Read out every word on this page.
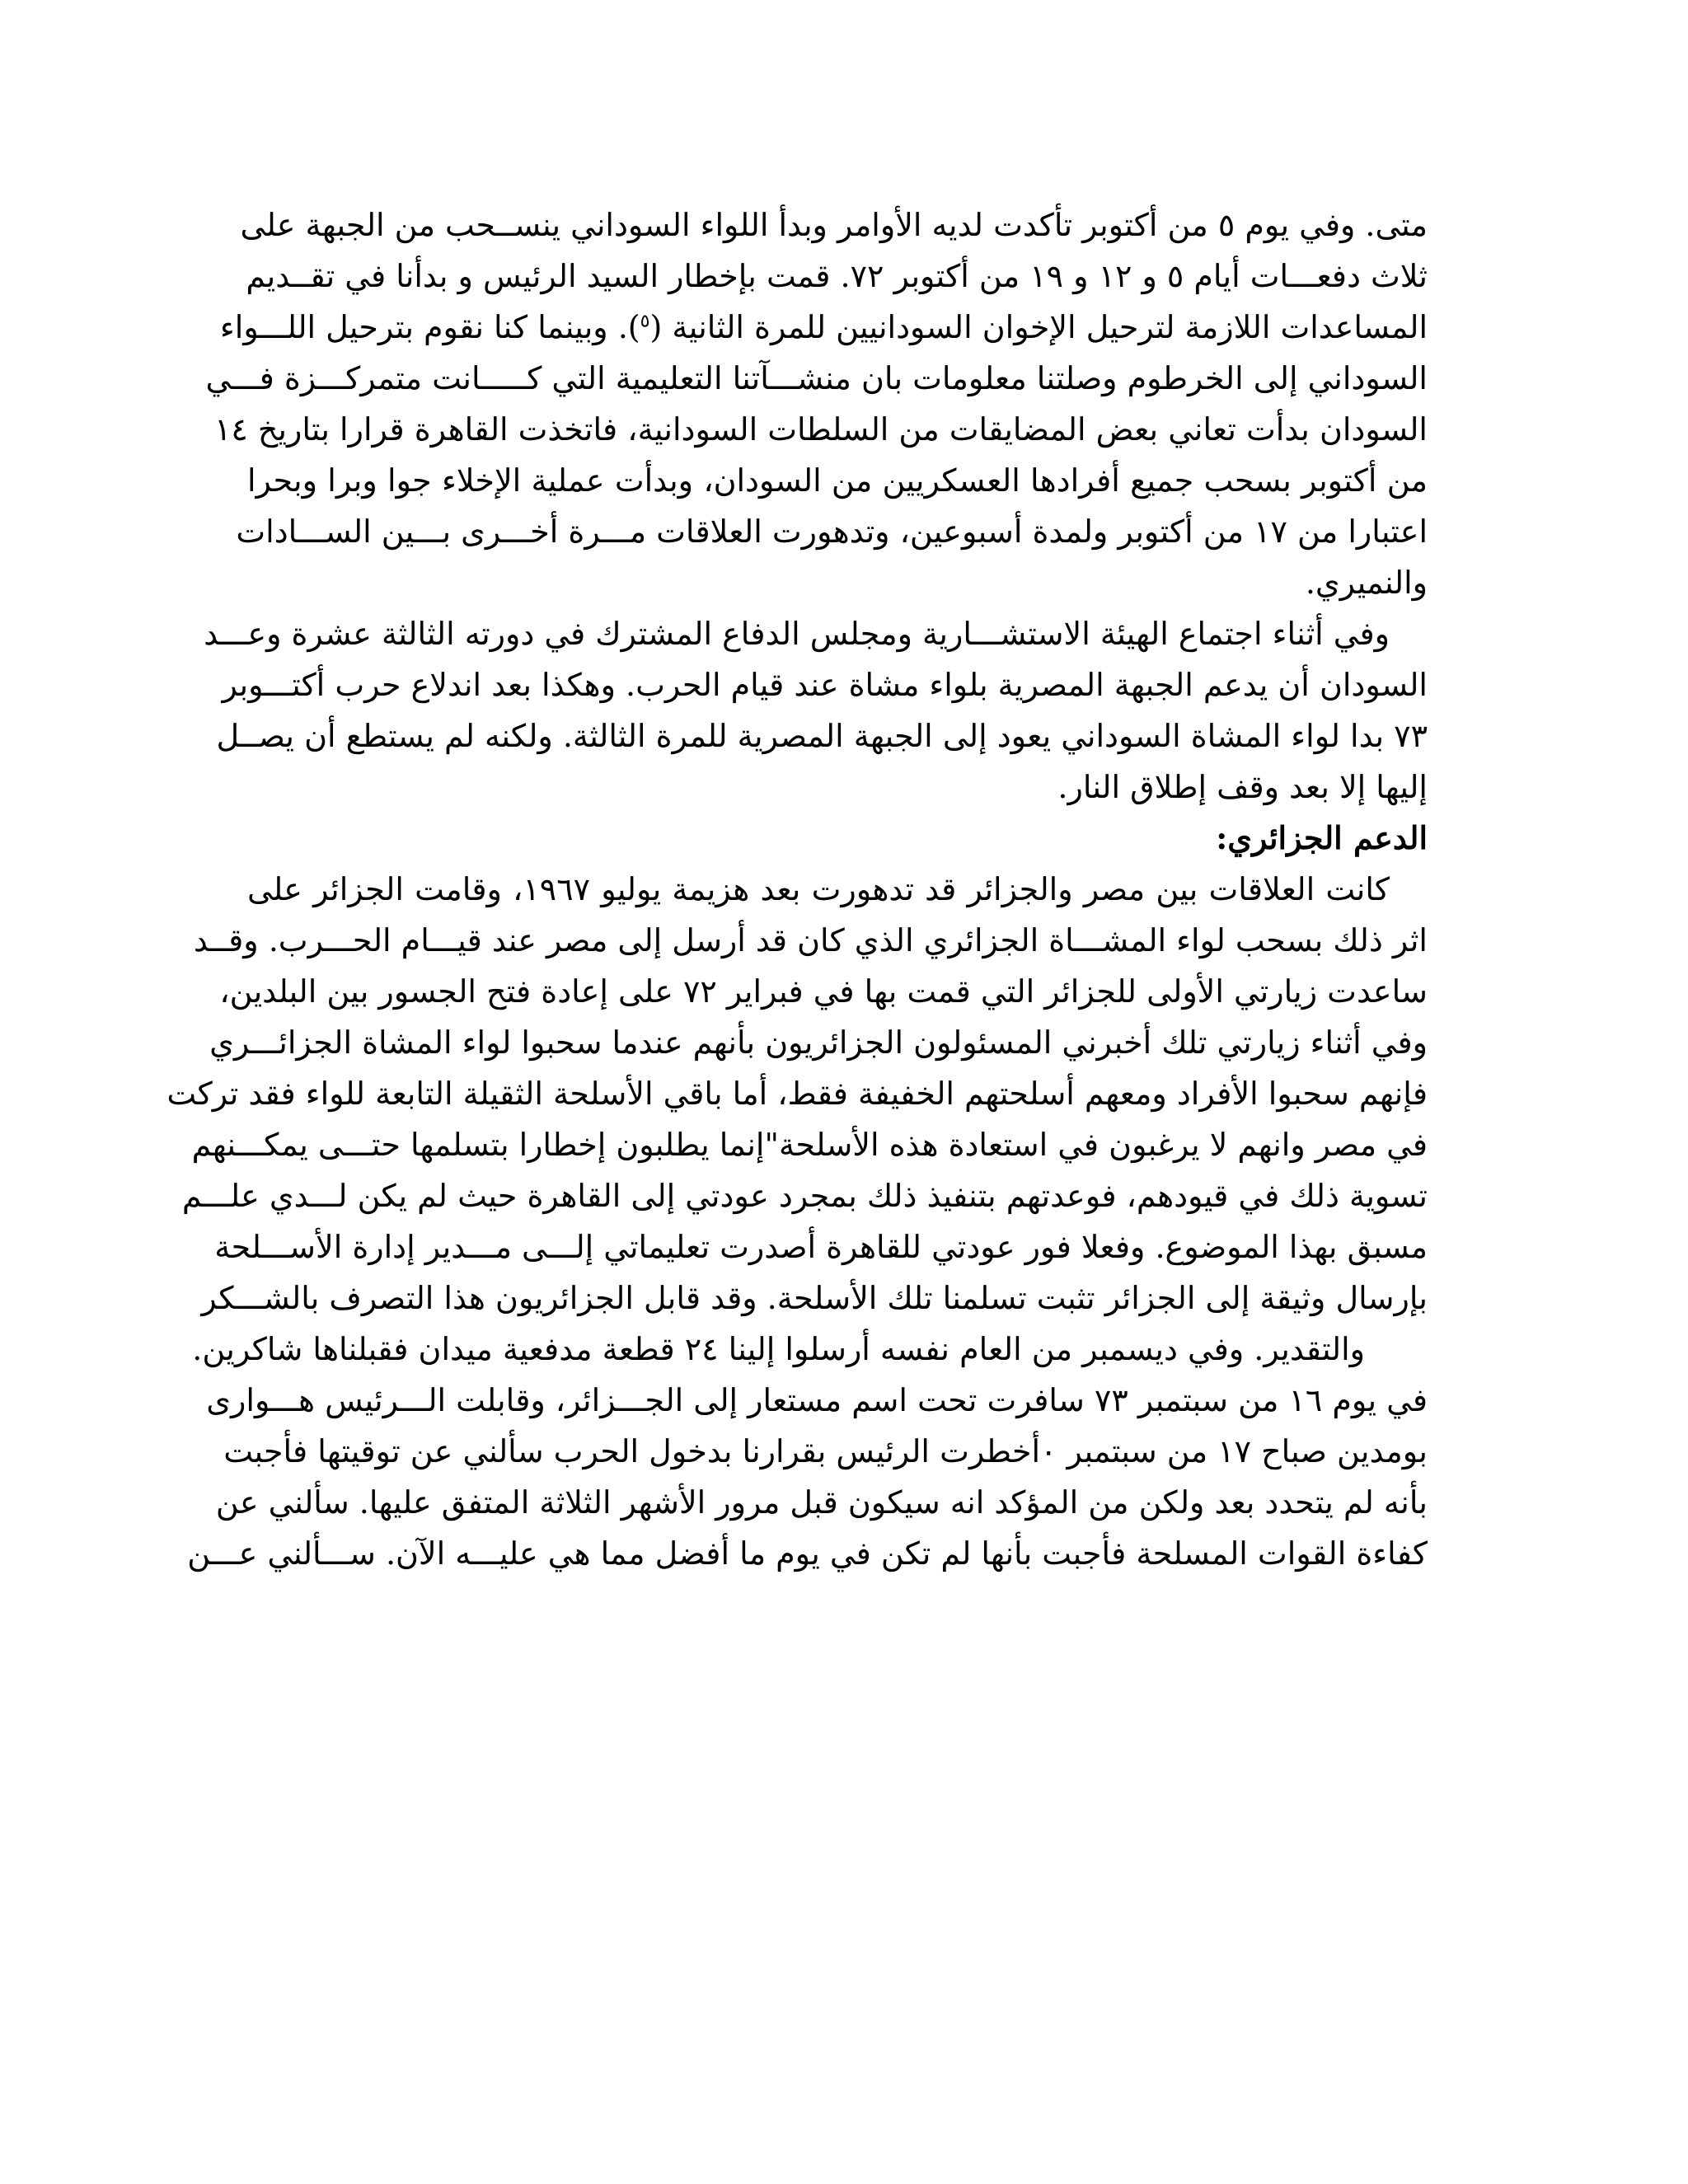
متى. وفي يوم ٥ من أكتوبر تأكدت لديه الأوامر وبدأ اللواء السوداني ينســحب من الجبهة على
ثلاث دفعـــات أيام ٥ و ١٢ و ١٩ من أكتوبر ٧٢. قمت بإخطار السيد الرئيس و بدأنا في تقــديم
المساعدات اللازمة لترحيل الإخوان السودانيين للمرة الثانية ($^٥$). وبينما كنا نقوم بترحيل اللـــواء
السوداني إلى الخرطوم وصلتنا معلومات بان منشـــآتنا التعليمية التي كـــــانت متمركـــزة فـــي
السودان بدأت تعاني بعض المضايقات من السلطات السودانية، فاتخذت القاهرة قرارا بتاريخ ١٤
من أكتوبر بسحب جميع أفرادها العسكريين من السودان، وبدأت عملية الإخلاء جوا وبرا وبحرا
اعتبارا من ١٧ من أكتوبر ولمدة أسبوعين، وتدهورت العلاقات مـــرة أخـــرى بـــين الســـادات
والنميري.
وفي أثناء اجتماع الهيئة الاستشـــارية ومجلس الدفاع المشترك في دورته الثالثة عشرة وعـــد
السودان أن يدعم الجبهة المصرية بلواء مشاة عند قيام الحرب. وهكذا بعد اندلاع حرب أكتـــوبر
٧٣ بدا لواء المشاة السوداني يعود إلى الجبهة المصرية للمرة الثالثة. ولكنه لم يستطع أن يصــل
إليها إلا بعد وقف إطلاق النار.
الدعم الجزائري:
كانت العلاقات بين مصر والجزائر قد تدهورت بعد هزيمة يوليو ١٩٦٧، وقامت الجزائر على
اثر ذلك بسحب لواء المشـــاة الجزائري الذي كان قد أرسل إلى مصر عند قيـــام الحـــرب. وقــد
ساعدت زيارتي الأولى للجزائر التي قمت بها في فبراير ٧٢ على إعادة فتح الجسور بين البلدين،
وفي أثناء زيارتي تلك أخبرني المسئولون الجزائريون بأنهم عندما سحبوا لواء المشاة الجزائـــري
فإنهم سحبوا الأفراد ومعهم أسلحتهم الخفيفة فقط، أما باقي الأسلحة الثقيلة التابعة للواء فقد تركت
في مصر وانهم لا يرغبون في استعادة هذه الأسلحة"إنما يطلبون إخطارا بتسلمها حتـــى يمكـــنهم
تسوية ذلك في قيودهم، فوعدتهم بتنفيذ ذلك بمجرد عودتي إلى القاهرة حيث لم يكن لـــدي علـــم
مسبق بهذا الموضوع. وفعلا فور عودتي للقاهرة أصدرت تعليماتي إلـــى مـــدير إدارة الأســـلحة
بإرسال وثيقة إلى الجزائر تثبت تسلمنا تلك الأسلحة. وقد قابل الجزائريون هذا التصرف بالشـــكر
والتقدير. وفي ديسمبر من العام نفسه أرسلوا إلينا ٢٤ قطعة مدفعية ميدان فقبلناها شاكرين.
في يوم ١٦ من سبتمبر ٧٣ سافرت تحت اسم مستعار إلى الجـــزائر، وقابلت الـــرئيس هـــوارى
بومدين صباح ١٧ من سبتمبر ٠أخطرت الرئيس بقرارنا بدخول الحرب سألني عن توقيتها فأجبت
بأنه لم يتحدد بعد ولكن من المؤكد انه سيكون قبل مرور الأشهر الثلاثة المتفق عليها. سألني عن
كفاءة القوات المسلحة فأجبت بأنها لم تكن في يوم ما أفضل مما هي عليـــه الآن. ســـألني عـــن
